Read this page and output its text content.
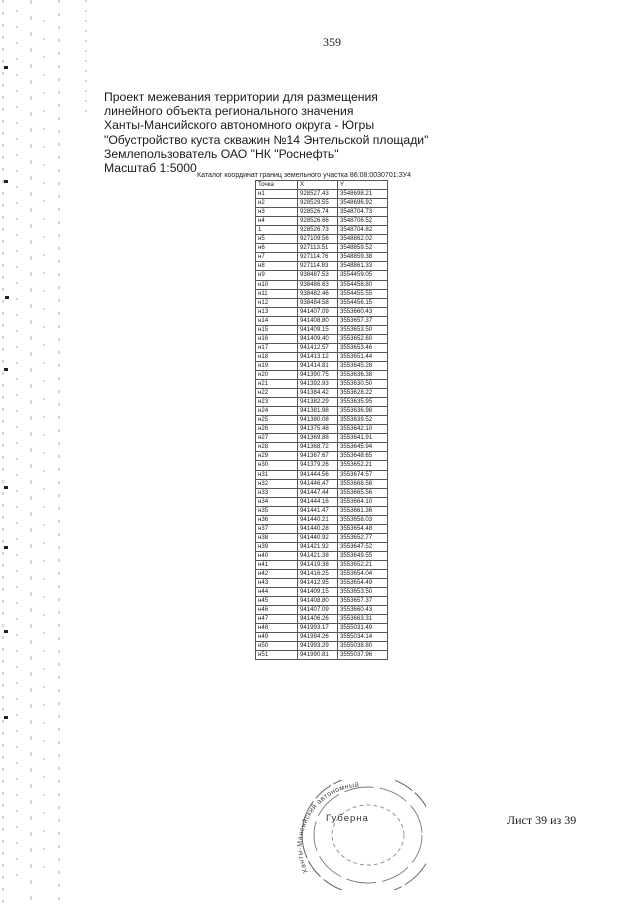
359
Проект межевания территории для размещения
линейного объекта регионального значения
Ханты-Мансийского автономного округа - Югры
"Обустройство куста скважин №14 Энтельской площади"
Землепользователь ОАО "НК "Роснефть"
Масштаб 1:5000
Каталог координат границ земельного участка 86:08:0030701:ЗУ4
Точка	X	Y
н1	928527.43	3548698.21
н2	928529.55	3548696.92
н3	928526.74	3548704.73
н4	928526.66	3548706.52
1	928526.73	3548704.82
н5	927109.56	3548862.02
н6	927113.51	3548859.52
н7	927114.76	3548859.38
н8	927114.83	3548861.33
н9	938487.53	3554459.05
н10	938486.63	3554458.80
н11	938482.46	3554455.55
н12	938484.58	3554456.15
н13	941407.09	3553660.43
н14	941408.80	3553657.37
н15	941409.15	3553653.50
н16	941409.40	3553652.60
н17	941412.57	3553653.46
н18	941413.12	3553651.44
н19	941414.81	3553645.28
н20	941390.75	3553636.38
н21	941392.93	3553630.50
н22	941384.42	3553628.22
н23	941382.29	3553635.95
н24	941381.98	3553636.98
н25	941380.08	3553639.52
н26	941375.48	3553642.10
н27	941369.88	3553641.91
н28	941368.72	3553645.94
н29	941367.67	3553648.65
н30	941379.26	3553652.21
н31	941444.56	3553674.57
н32	941446.47	3553668.58
н33	941447.44	3553665.56
н34	941444.16	3553664.10
н35	941441.47	3553661.36
н36	941440.21	3553658.03
н37	941440.28	3553654.48
н38	941440.92	3553652.77
н39	941421.92	3553647.52
н40	941421.38	3553649.55
н41	941419.38	3553652.21
н42	941416.25	3553654.04
н43	941412.95	3553654.49
н44	941409.15	3553653.50
н45	941408.80	3553657.37
н46	941407.09	3553660.43
н47	941406.26	3553663.31
н48	941993.17	3555031.49
н49	941994.26	3555034.14
н50	941993.29	3555038.80
н51	941990.81	3555037.96
Лист 39 из 39
Ханты-Мансийский автономный
Губерна
